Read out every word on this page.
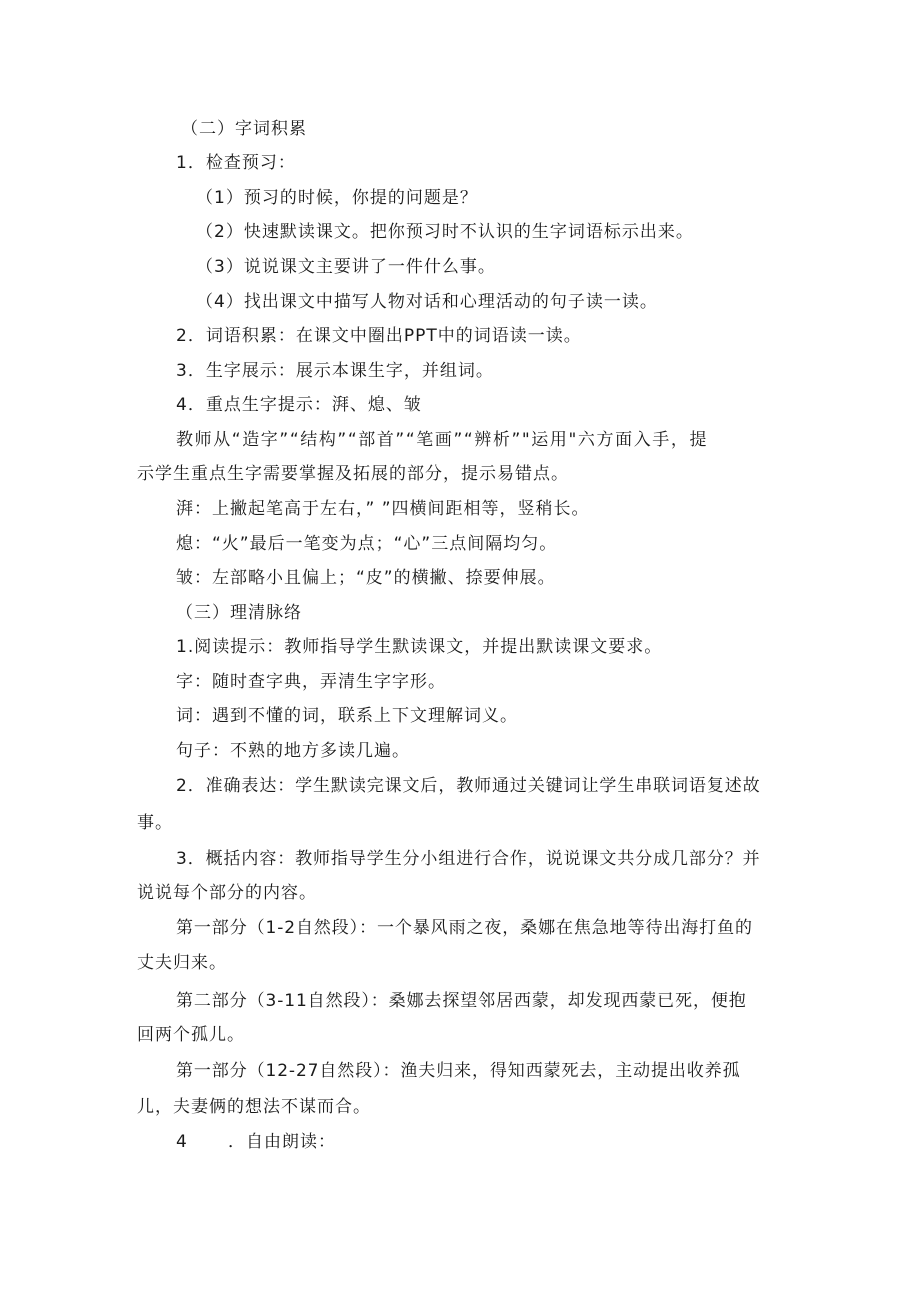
（二）字词积累

1．检查预习：

（1）预习的时候，你提的问题是？

（2）快速默读课文。把你预习时不认识的生字词语标示出来。

（3）说说课文主要讲了一件什么事。

（4）找出课文中描写人物对话和心理活动的句子读一读。

2．词语积累：在课文中圈出PPT中的词语读一读。

3．生字展示：展示本课生字，并组词。

4．重点生字提示：湃、熄、皱

教师从“造字”“结构”“部首”“笔画”“辨析”"运用"六方面入手，提

示学生重点生字需要掌握及拓展的部分，提示易错点。

湃：上撇起笔高于左右，” ”四横间距相等，竖稍长。

熄：“火”最后一笔变为点；“心”三点间隔均匀。

皱：左部略小且偏上；“皮”的横撇、捺要伸展。

（三）理清脉络

1.阅读提示：教师指导学生默读课文，并提出默读课文要求。

字：随时查字典，弄清生字字形。

词：遇到不懂的词，联系上下文理解词义。

句子：不熟的地方多读几遍。

2．准确表达：学生默读完课文后，教师通过关键词让学生串联词语复述故

事。

3．概括内容：教师指导学生分小组进行合作，说说课文共分成几部分？并

说说每个部分的内容。

第一部分（1-2自然段）：一个暴风雨之夜，桑娜在焦急地等待出海打鱼的

丈夫归来。

第二部分（3-11自然段）：桑娜去探望邻居西蒙，却发现西蒙已死，便抱

回两个孤儿。

第一部分（12-27自然段）：渔夫归来，得知西蒙死去，主动提出收养孤

儿，夫妻俩的想法不谋而合。

4 ．自由朗读：
